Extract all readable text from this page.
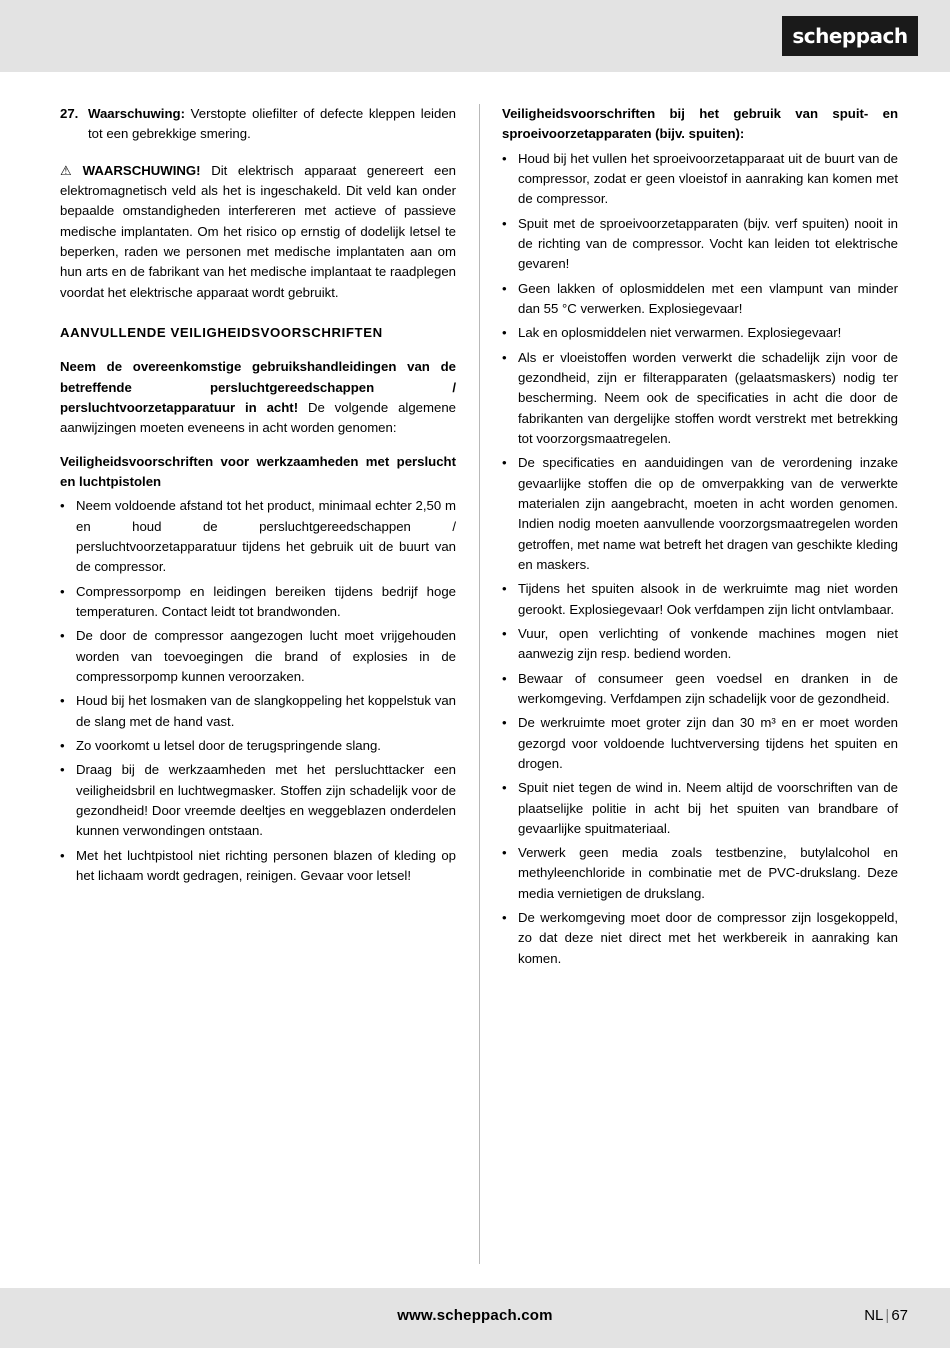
scheppach
27. Waarschuwing: Verstopte oliefilter of defecte kleppen leiden tot een gebrekkige smering.

⚠ WAARSCHUWING! Dit elektrisch apparaat genereert een elektromagnetisch veld als het is ingeschakeld. Dit veld kan onder bepaalde omstandigheden interfereren met actieve of passieve medische implantaten. Om het risico op ernstig of dodelijk letsel te beperken, raden we personen met medische implantaten aan om hun arts en de fabrikant van het medische implantaat te raadplegen voordat het elektrische apparaat wordt gebruikt.

AANVULLENDE VEILIGHEIDSVOORSCHRIFTEN

Neem de overeenkomstige gebruikshandleidingen van de betreffende persluchtgereedschappen / persluchtvoorzetapparatuur in acht! De volgende algemene aanwijzingen moeten eveneens in acht worden genomen:

Veiligheidsvoorschriften voor werkzaamheden met perslucht en luchtpistolen

• Neem voldoende afstand tot het product, minimaal echter 2,50 m en houd de persluchtgereedschappen / persluchtvoorzetapparatuur tijdens het gebruik uit de buurt van de compressor.
• Compressorpomp en leidingen bereiken tijdens bedrijf hoge temperaturen. Contact leidt tot brandwonden.
• De door de compressor aangezogen lucht moet vrijgehouden worden van toevoegingen die brand of explosies in de compressorpomp kunnen veroorzaken.
• Houd bij het losmaken van de slangkoppeling het koppelstuk van de slang met de hand vast.
• Zo voorkomt u letsel door de terugspringende slang.
• Draag bij de werkzaamheden met het persluchttacker een veiligheidsbril en luchtwegmasker. Stoffen zijn schadelijk voor de gezondheid! Door vreemde deeltjes en weggeblazen onderdelen kunnen verwondingen ontstaan.
• Met het luchtpistool niet richting personen blazen of kleding op het lichaam wordt gedragen, reinigen. Gevaar voor letsel!

Veiligheidsvoorschriften bij het gebruik van spuit- en sproeivoorzetapparaten (bijv. spuiten):

• Houd bij het vullen het sproeivoorzetapparaat uit de buurt van de compressor, zodat er geen vloeistof in aanraking kan komen met de compressor.
• Spuit met de sproeivoorzetapparaten (bijv. verf spuiten) nooit in de richting van de compressor. Vocht kan leiden tot elektrische gevaren!
• Geen lakken of oplosmiddelen met een vlampunt van minder dan 55 °C verwerken. Explosiegevaar!
• Lak en oplosmiddelen niet verwarmen. Explosiegevaar!
• Als er vloeistoffen worden verwerkt die schadelijk zijn voor de gezondheid, zijn er filterapparaten (gelaatsmaskers) nodig ter bescherming. Neem ook de specificaties in acht die door de fabrikanten van dergelijke stoffen wordt verstrekt met betrekking tot voorzorgsmaatregelen.
• De specificaties en aanduidingen van de verordening inzake gevaarlijke stoffen die op de omverpakking van de verwerkte materialen zijn aangebracht, moeten in acht worden genomen. Indien nodig moeten aanvullende voorzorgsmaatregelen worden getroffen, met name wat betreft het dragen van geschikte kleding en maskers.
• Tijdens het spuiten alsook in de werkruimte mag niet worden gerookt. Explosiegevaar! Ook verfdampen zijn licht ontvlambaar.
• Vuur, open verlichting of vonkende machines mogen niet aanwezig zijn resp. bediend worden.
• Bewaar of consumeer geen voedsel en dranken in de werkomgeving. Verfdampen zijn schadelijk voor de gezondheid.
• De werkruimte moet groter zijn dan 30 m³ en er moet worden gezorgd voor voldoende luchtverversing tijdens het spuiten en drogen.
• Spuit niet tegen de wind in. Neem altijd de voorschriften van de plaatselijke politie in acht bij het spuiten van brandbare of gevaarlijke spuitmateriaal.
• Verwerk geen media zoals testbenzine, butylalcohol en methyleenchloride in combinatie met de PVC-drukslang. Deze media vernietigen de drukslang.
• De werkomgeving moet door de compressor zijn losgekoppeld, zo dat deze niet direct met het werkbereik in aanraking kan komen.
www.scheppach.com	NL | 67
